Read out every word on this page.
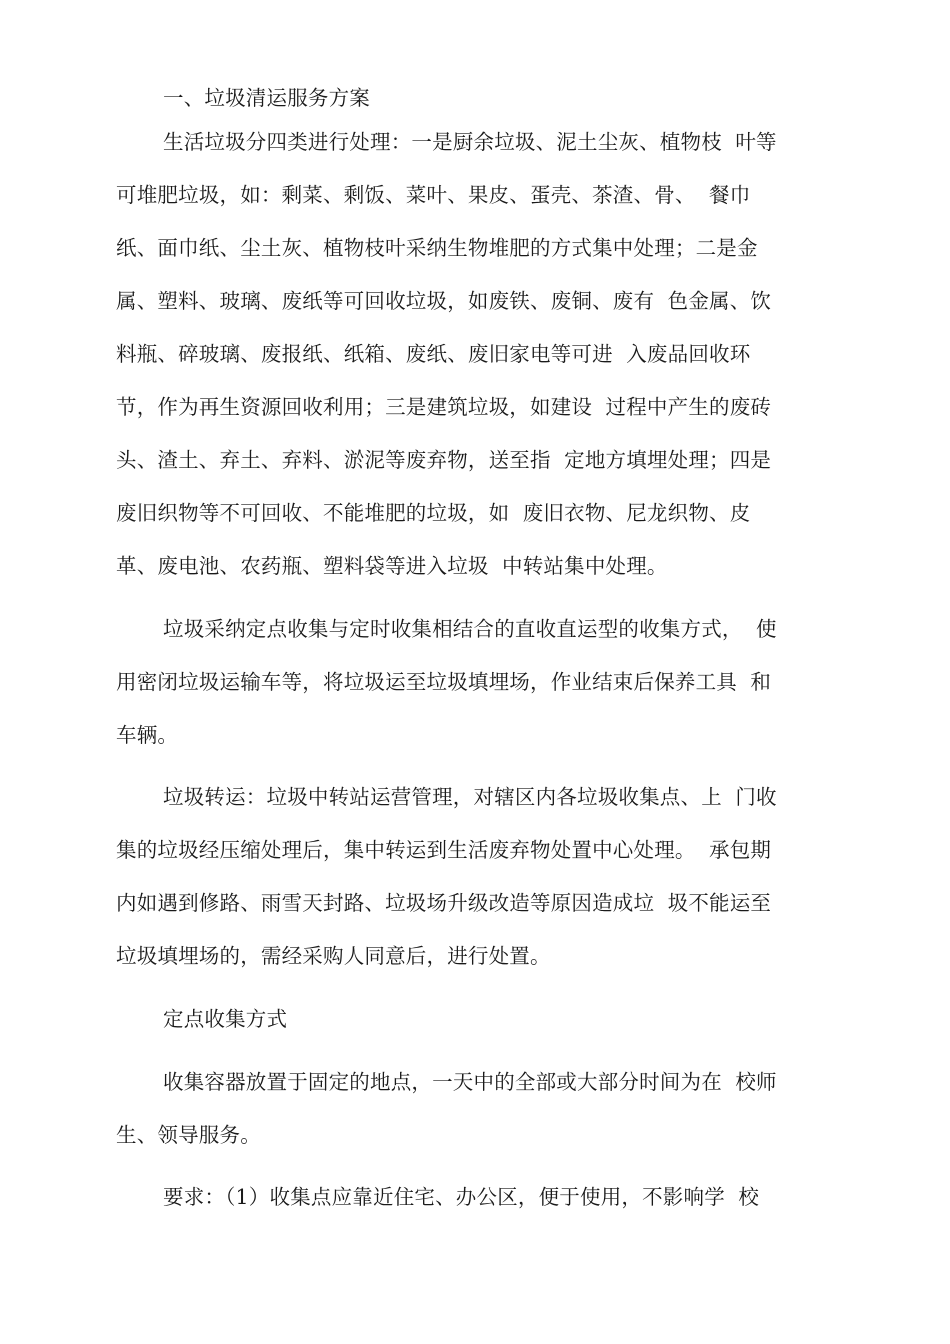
一、垃圾清运服务方案
生活垃圾分四类进行处理：一是厨余垃圾、泥土尘灰、植物枝  叶等
可堆肥垃圾，如：剩菜、剩饭、菜叶、果皮、蛋壳、茶渣、骨、  餐巾
纸、面巾纸、尘土灰、植物枝叶采纳生物堆肥的方式集中处理；二是金
属、塑料、玻璃、废纸等可回收垃圾，如废铁、废铜、废有  色金属、饮
料瓶、碎玻璃、废报纸、纸箱、废纸、废旧家电等可进  入废品回收环
节，作为再生资源回收利用；三是建筑垃圾，如建设  过程中产生的废砖
头、渣土、弃土、弃料、淤泥等废弃物，送至指  定地方填埋处理；四是
废旧织物等不可回收、不能堆肥的垃圾，如  废旧衣物、尼龙织物、皮
革、废电池、农药瓶、塑料袋等进入垃圾  中转站集中处理。
垃圾采纳定点收集与定时收集相结合的直收直运型的收集方式，  使
用密闭垃圾运输车等，将垃圾运至垃圾填埋场，作业结束后保养工具  和
车辆。
垃圾转运：垃圾中转站运营管理，对辖区内各垃圾收集点、上  门收
集的垃圾经压缩处理后，集中转运到生活废弃物处置中心处理。  承包期
内如遇到修路、雨雪天封路、垃圾场升级改造等原因造成垃  圾不能运至
垃圾填埋场的，需经采购人同意后，进行处置。
定点收集方式
收集容器放置于固定的地点，一天中的全部或大部分时间为在  校师
生、领导服务。
要求：（1）收集点应靠近住宅、办公区，便于使用，不影响学  校
